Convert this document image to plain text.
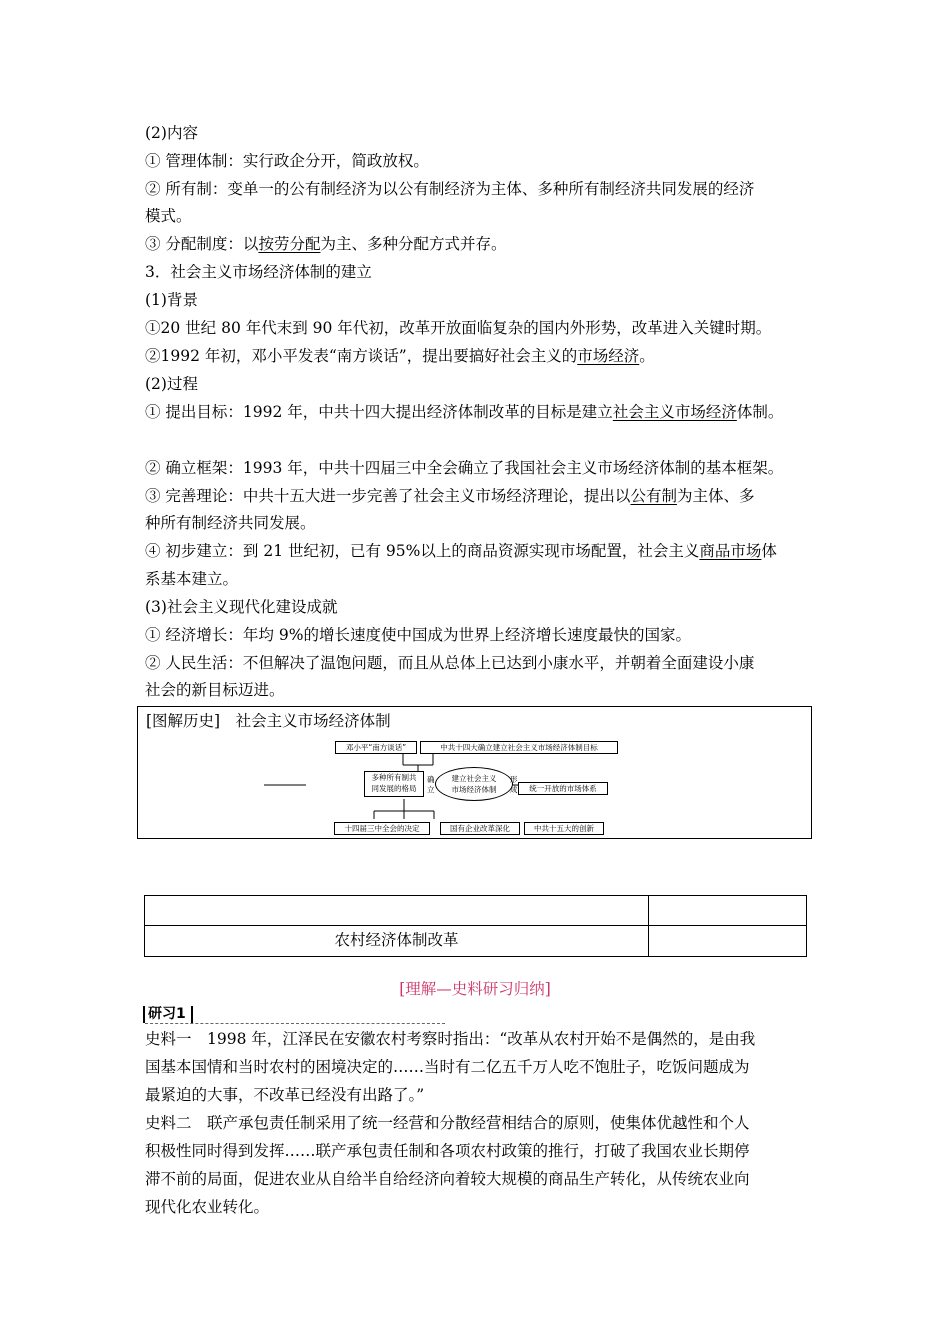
(2)内容
① 管理体制：实行政企分开，简政放权。
② 所有制：变单一的公有制经济为以公有制经济为主体、多种所有制经济共同发展的经济
模式。
③ 分配制度：以按劳分配为主、多种分配方式并存。
3．社会主义市场经济体制的建立
(1)背景
①20 世纪 80 年代末到 90 年代初，改革开放面临复杂的国内外形势，改革进入关键时期。
②1992 年初，邓小平发表“南方谈话”，提出要搞好社会主义的市场经济。
(2)过程
① 提出目标：1992 年，中共十四大提出经济体制改革的目标是建立社会主义市场经济体制。
② 确立框架：1993 年，中共十四届三中全会确立了我国社会主义市场经济体制的基本框架。
③ 完善理论：中共十五大进一步完善了社会主义市场经济理论，提出以公有制为主体、多
种所有制经济共同发展。
④ 初步建立：到 21 世纪初，已有 95%以上的商品资源实现市场配置，社会主义商品市场体
系基本建立。
(3)社会主义现代化建设成就
① 经济增长：年均 9%的增长速度使中国成为世界上经济增长速度最快的国家。
② 人民生活：不但解决了温饱问题，而且从总体上已达到小康水平，并朝着全面建设小康
社会的新目标迈进。
[图解历史]　社会主义市场经济体制
邓小平“南方谈话”	中共十四大确立建立社会主义市场经济体制目标
多种所有制共
同发展的格局
确立
建立社会主义
市场经济体制
形成	统一开放的市场体系
十四届三中全会的决定	国有企业改革深化	中共十五大的创新

农村经济体制改革	
[理解—史料研习归纳]
研习1
史料一　1998 年，江泽民在安徽农村考察时指出：“改革从农村开始不是偶然的，是由我
国基本国情和当时农村的困境决定的……当时有二亿五千万人吃不饱肚子，吃饭问题成为
最紧迫的大事，不改革已经没有出路了。”
史料二　联产承包责任制采用了统一经营和分散经营相结合的原则，使集体优越性和个人
积极性同时得到发挥……联产承包责任制和各项农村政策的推行，打破了我国农业长期停
滞不前的局面，促进农业从自给半自给经济向着较大规模的商品生产转化，从传统农业向
现代化农业转化。
